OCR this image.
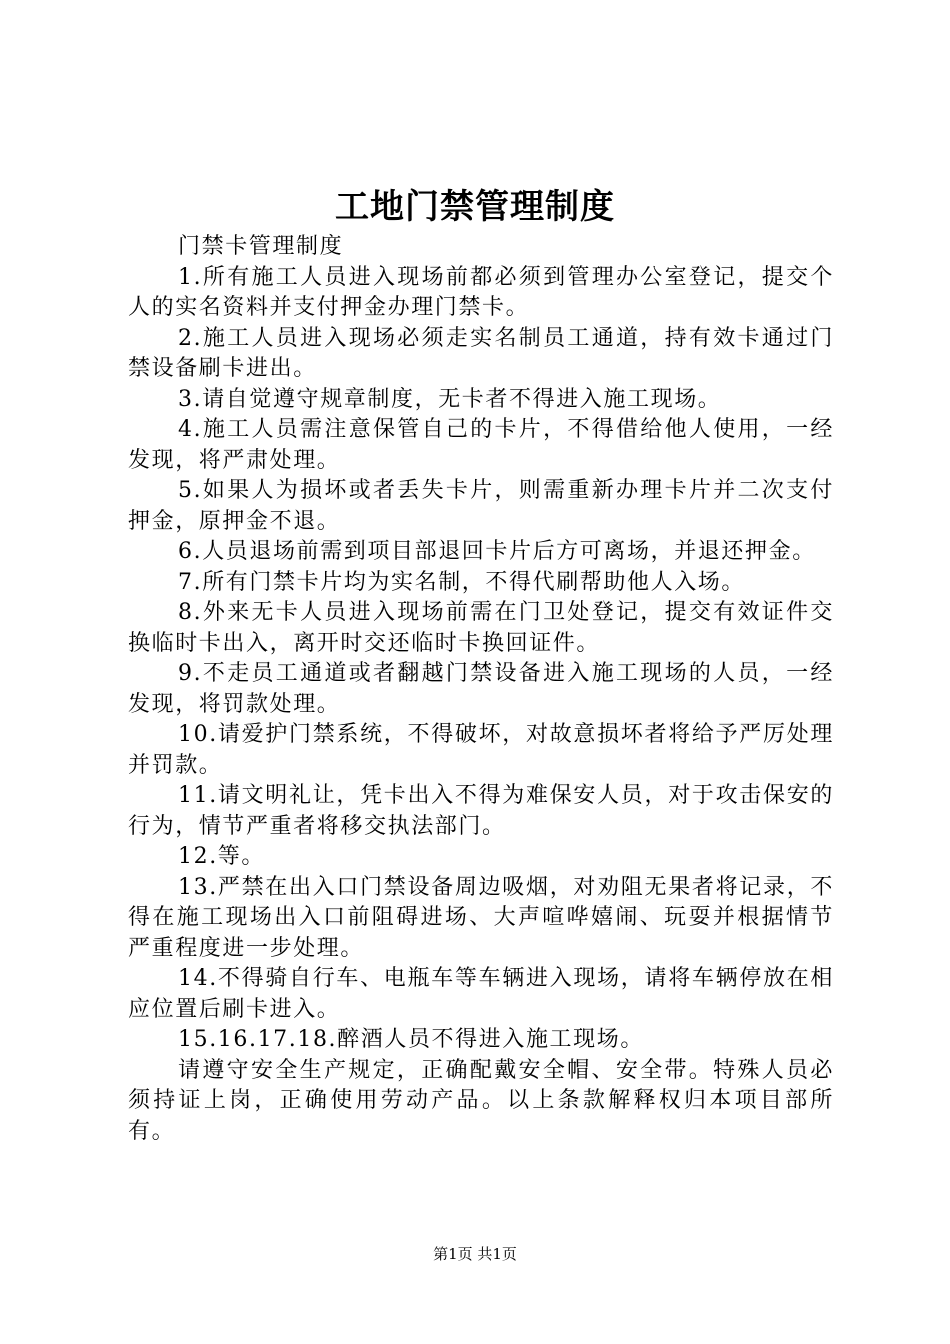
工地门禁管理制度

门禁卡管理制度

1.所有施工人员进入现场前都必须到管理办公室登记，提交个人的实名资料并支付押金办理门禁卡。

2.施工人员进入现场必须走实名制员工通道，持有效卡通过门禁设备刷卡进出。

3.请自觉遵守规章制度，无卡者不得进入施工现场。

4.施工人员需注意保管自己的卡片，不得借给他人使用，一经发现，将严肃处理。

5.如果人为损坏或者丢失卡片，则需重新办理卡片并二次支付押金，原押金不退。

6.人员退场前需到项目部退回卡片后方可离场，并退还押金。

7.所有门禁卡片均为实名制，不得代刷帮助他人入场。

8.外来无卡人员进入现场前需在门卫处登记，提交有效证件交换临时卡出入，离开时交还临时卡换回证件。

9.不走员工通道或者翻越门禁设备进入施工现场的人员，一经发现，将罚款处理。

10.请爱护门禁系统，不得破坏，对故意损坏者将给予严厉处理并罚款。

11.请文明礼让，凭卡出入不得为难保安人员，对于攻击保安的行为，情节严重者将移交执法部门。

12.等。

13.严禁在出入口门禁设备周边吸烟，对劝阻无果者将记录，不得在施工现场出入口前阻碍进场、大声喧哗嬉闹、玩耍并根据情节严重程度进一步处理。

14.不得骑自行车、电瓶车等车辆进入现场，请将车辆停放在相应位置后刷卡进入。

15.16.17.18.醉酒人员不得进入施工现场。

请遵守安全生产规定，正确配戴安全帽、安全带。特殊人员必须持证上岗，正确使用劳动产品。以上条款解释权归本项目部所有。

第1页 共1页
